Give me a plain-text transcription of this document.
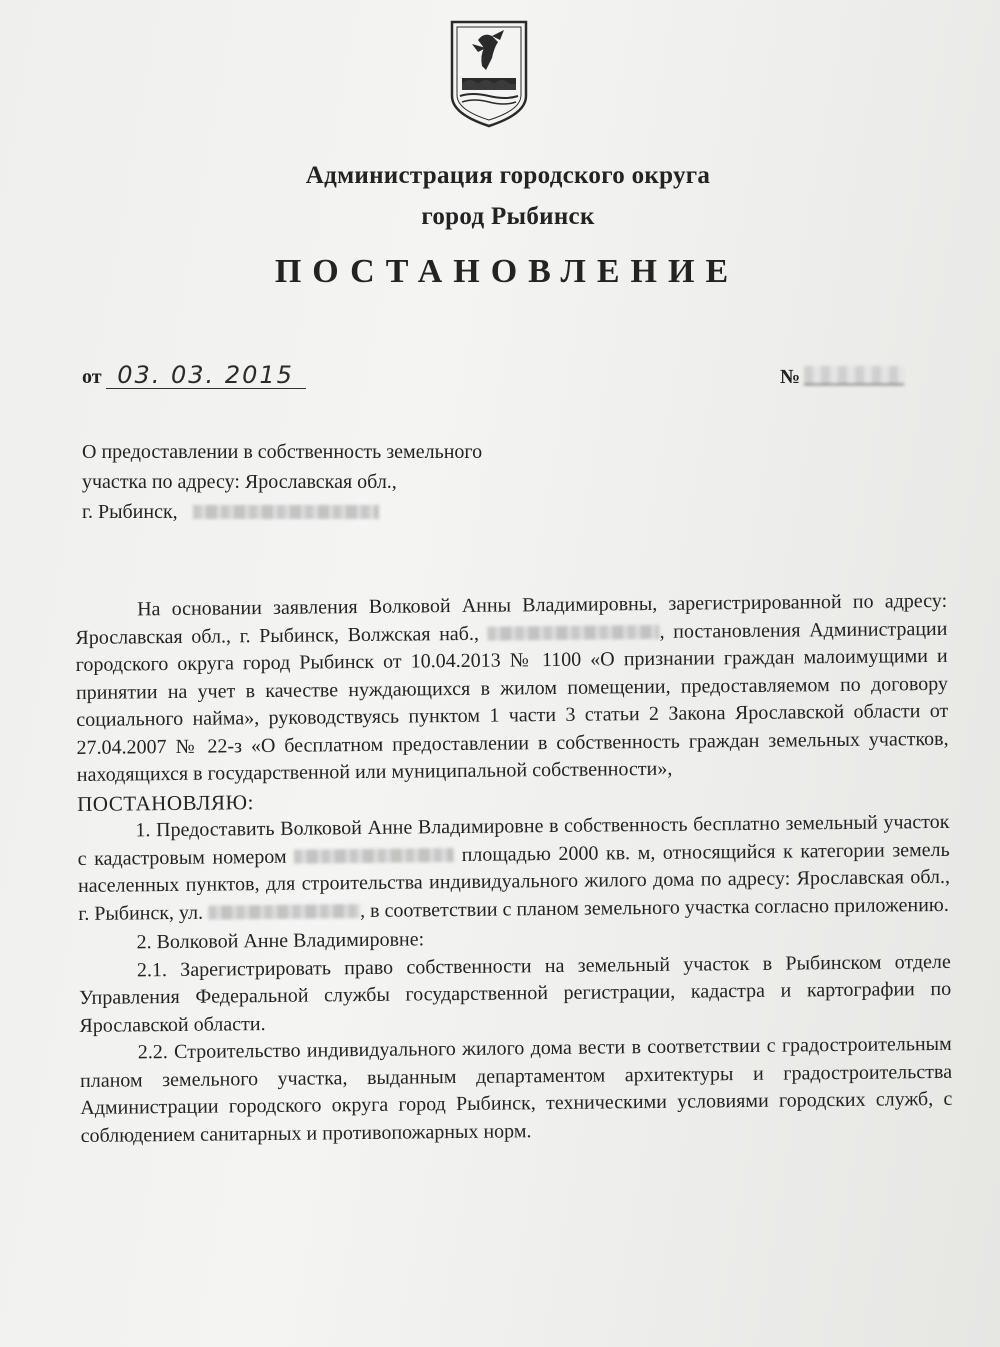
Администрация городского округа
город Рыбинск
ПОСТАНОВЛЕНИЕ
от 03. 03. 2015	№
О предоставлении в собственность земельного
участка по адресу: Ярославская обл.,
г. Рыбинск,
На основании заявления Волковой Анны Владимировны, зарегистрированной по адресу: Ярославская обл., г. Рыбинск, Волжская наб.,	, постановления Администрации городского округа город Рыбинск от 10.04.2013 № 1100 «О признании граждан малоимущими и принятии на учет в качестве нуждающихся в жилом помещении, предоставляемом по договору социального найма», руководствуясь пунктом 1 части 3 статьи 2 Закона Ярославской области от 27.04.2007 № 22-з «О бесплатном предоставлении в собственность граждан земельных участков, находящихся в государственной или муниципальной собственности»,
ПОСТАНОВЛЯЮ:
1. Предоставить Волковой Анне Владимировне в собственность бесплатно земельный участок с кадастровым номером	площадью 2000 кв. м, относящийся к категории земель населенных пунктов, для строительства индивидуального жилого дома по адресу: Ярославская обл., г. Рыбинск, ул.	, в соответствии с планом земельного участка согласно приложению.
2. Волковой Анне Владимировне:
2.1. Зарегистрировать право собственности на земельный участок в Рыбинском отделе Управления Федеральной службы государственной регистрации, кадастра и картографии по Ярославской области.
2.2. Строительство индивидуального жилого дома вести в соответствии с градостроительным планом земельного участка, выданным департаментом архитектуры и градостроительства Администрации городского округа город Рыбинск, техническими условиями городских служб, с соблюдением санитарных и противопожарных норм.
